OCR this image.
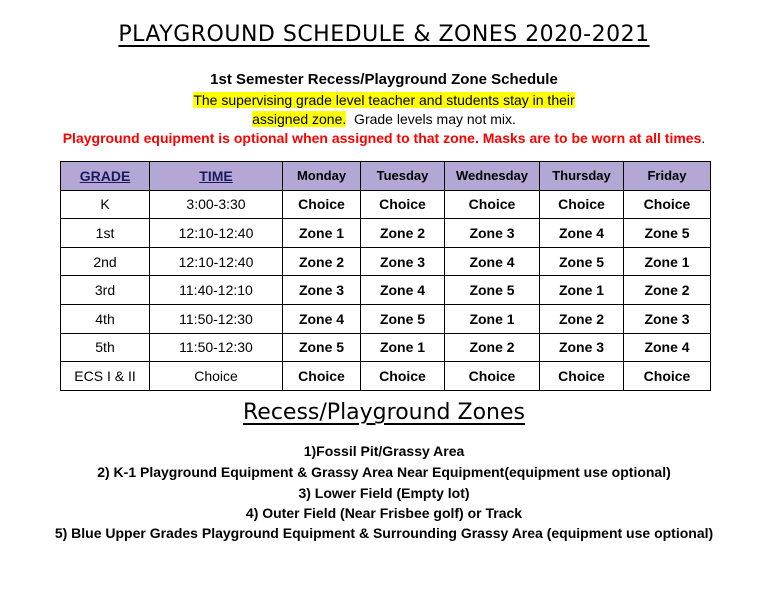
PLAYGROUND SCHEDULE & ZONES 2020-2021
1st Semester Recess/Playground Zone Schedule
The supervising grade level teacher and students stay in their
assigned zone.  Grade levels may not mix.
Playground equipment is optional when assigned to that zone. Masks are to be worn at all times.
GRADE	TIME	Monday	Tuesday	Wednesday	Thursday	Friday
K	3:00-3:30	Choice	Choice	Choice	Choice	Choice
1st	12:10-12:40	Zone 1	Zone 2	Zone 3	Zone 4	Zone 5
2nd	12:10-12:40	Zone 2	Zone 3	Zone 4	Zone 5	Zone 1
3rd	11:40-12:10	Zone 3	Zone 4	Zone 5	Zone 1	Zone 2
4th	11:50-12:30	Zone 4	Zone 5	Zone 1	Zone 2	Zone 3
5th	11:50-12:30	Zone 5	Zone 1	Zone 2	Zone 3	Zone 4
ECS I & II	Choice	Choice	Choice	Choice	Choice	Choice
Recess/Playground Zones
1)Fossil Pit/Grassy Area
2) K-1 Playground Equipment & Grassy Area Near Equipment(equipment use optional)
3) Lower Field (Empty lot)
4) Outer Field (Near Frisbee golf) or Track
5) Blue Upper Grades Playground Equipment & Surrounding Grassy Area (equipment use optional)
